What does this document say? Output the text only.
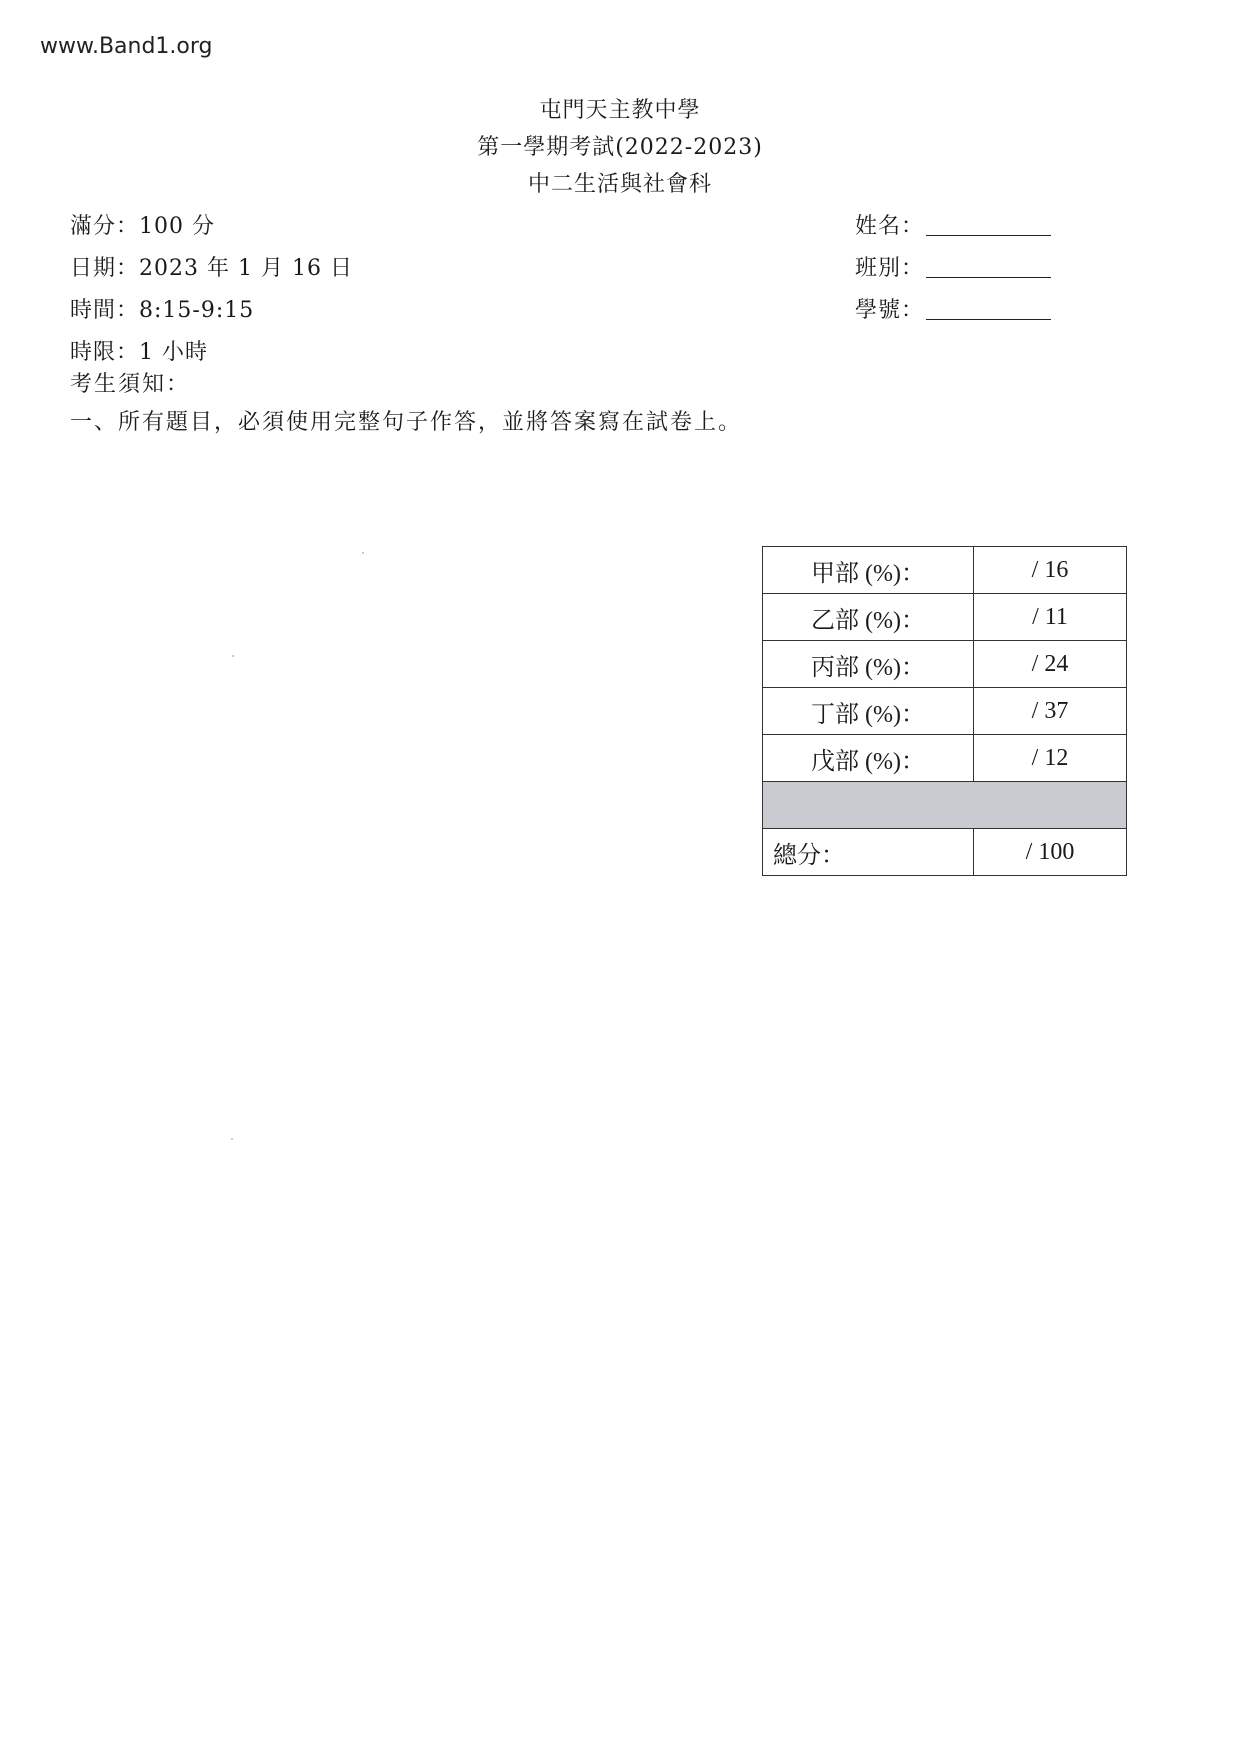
www.Band1.org
屯門天主教中學
第一學期考試(2022-2023)
中二生活與社會科
滿分：100 分
日期：2023 年 1 月 16 日
時間：8:15-9:15
時限：1 小時
姓名：
班別：
學號：
考生須知：
一、所有題目，必須使用完整句子作答，並將答案寫在試卷上。
甲部 (%)：	/ 16
乙部 (%)：	/ 11
丙部 (%)：	/ 24
丁部 (%)：	/ 37
戊部 (%)：	/ 12

總分：	/ 100
